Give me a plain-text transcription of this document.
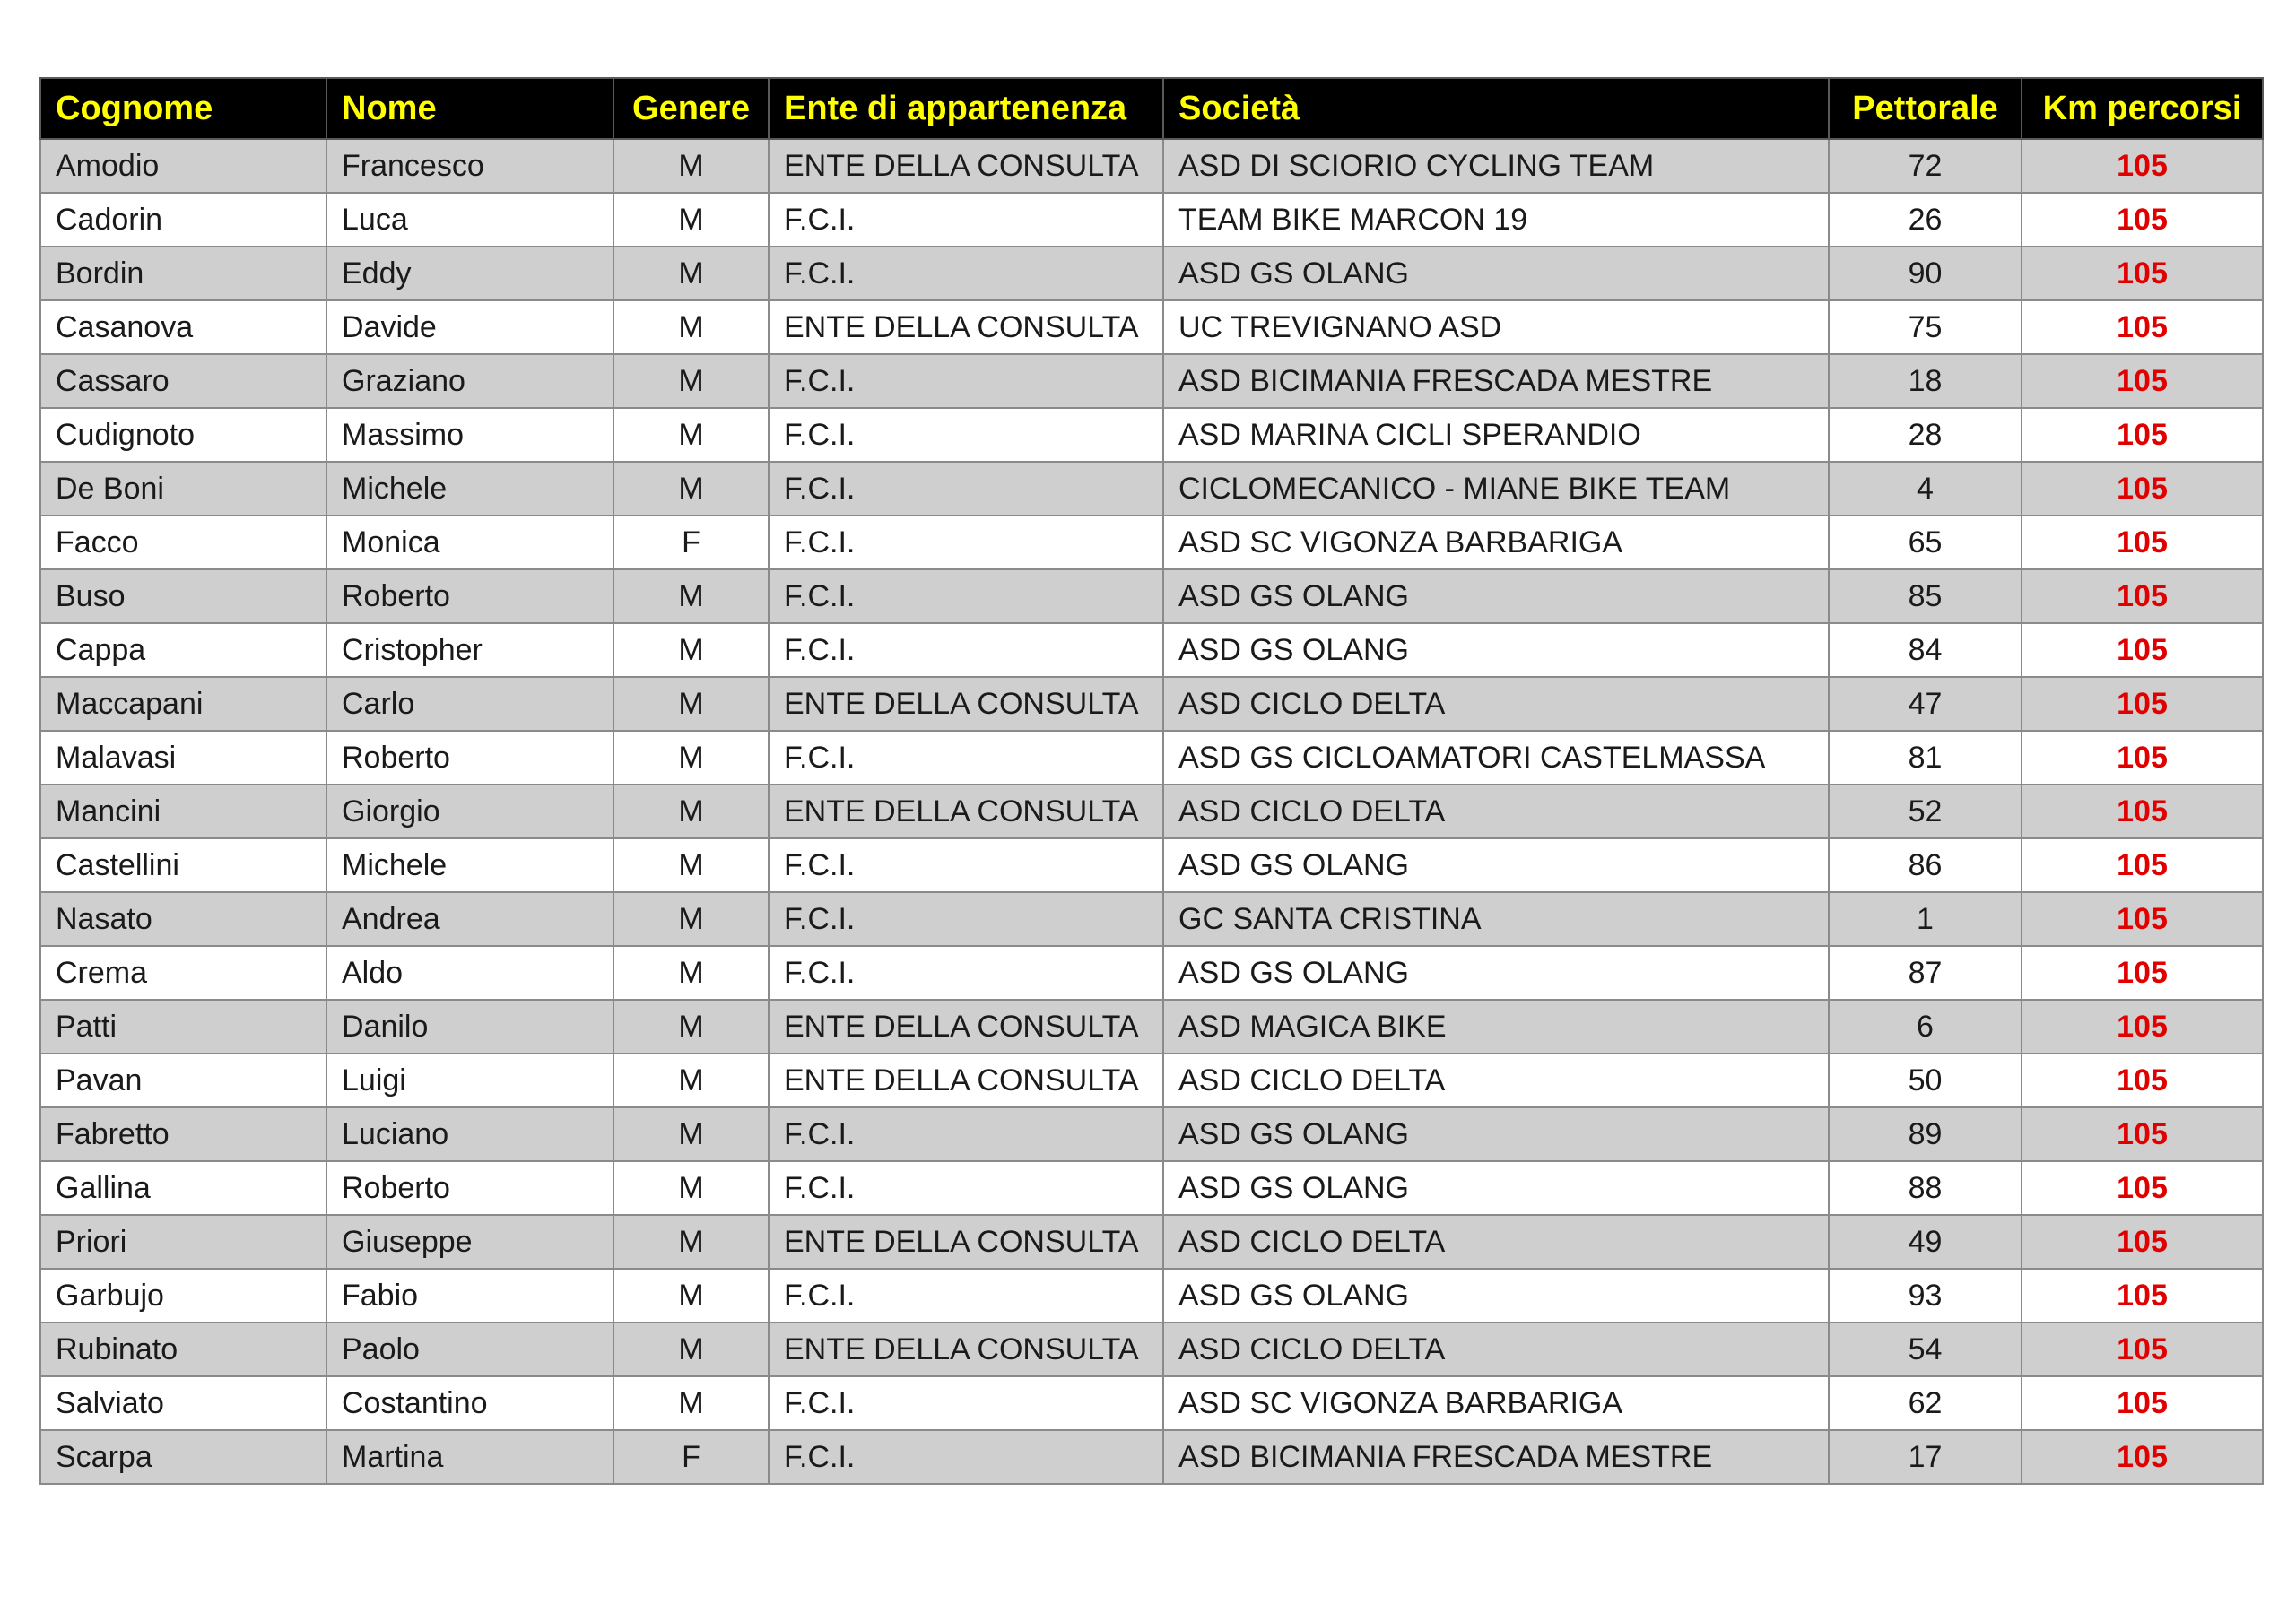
Cognome	Nome	Genere	Ente di appartenenza	Società	Pettorale	Km percorsi
Amodio	Francesco	M	ENTE DELLA CONSULTA	ASD DI SCIORIO CYCLING TEAM	72	105
Cadorin	Luca	M	F.C.I.	TEAM BIKE MARCON 19	26	105
Bordin	Eddy	M	F.C.I.	ASD GS OLANG	90	105
Casanova	Davide	M	ENTE DELLA CONSULTA	UC TREVIGNANO ASD	75	105
Cassaro	Graziano	M	F.C.I.	ASD BICIMANIA FRESCADA MESTRE	18	105
Cudignoto	Massimo	M	F.C.I.	ASD MARINA CICLI SPERANDIO	28	105
De Boni	Michele	M	F.C.I.	CICLOMECANICO - MIANE BIKE TEAM	4	105
Facco	Monica	F	F.C.I.	ASD SC VIGONZA BARBARIGA	65	105
Buso	Roberto	M	F.C.I.	ASD GS OLANG	85	105
Cappa	Cristopher	M	F.C.I.	ASD GS OLANG	84	105
Maccapani	Carlo	M	ENTE DELLA CONSULTA	ASD CICLO DELTA	47	105
Malavasi	Roberto	M	F.C.I.	ASD GS CICLOAMATORI CASTELMASSA	81	105
Mancini	Giorgio	M	ENTE DELLA CONSULTA	ASD CICLO DELTA	52	105
Castellini	Michele	M	F.C.I.	ASD GS OLANG	86	105
Nasato	Andrea	M	F.C.I.	GC SANTA CRISTINA	1	105
Crema	Aldo	M	F.C.I.	ASD GS OLANG	87	105
Patti	Danilo	M	ENTE DELLA CONSULTA	ASD MAGICA BIKE	6	105
Pavan	Luigi	M	ENTE DELLA CONSULTA	ASD CICLO DELTA	50	105
Fabretto	Luciano	M	F.C.I.	ASD GS OLANG	89	105
Gallina	Roberto	M	F.C.I.	ASD GS OLANG	88	105
Priori	Giuseppe	M	ENTE DELLA CONSULTA	ASD CICLO DELTA	49	105
Garbujo	Fabio	M	F.C.I.	ASD GS OLANG	93	105
Rubinato	Paolo	M	ENTE DELLA CONSULTA	ASD CICLO DELTA	54	105
Salviato	Costantino	M	F.C.I.	ASD SC VIGONZA BARBARIGA	62	105
Scarpa	Martina	F	F.C.I.	ASD BICIMANIA FRESCADA MESTRE	17	105
